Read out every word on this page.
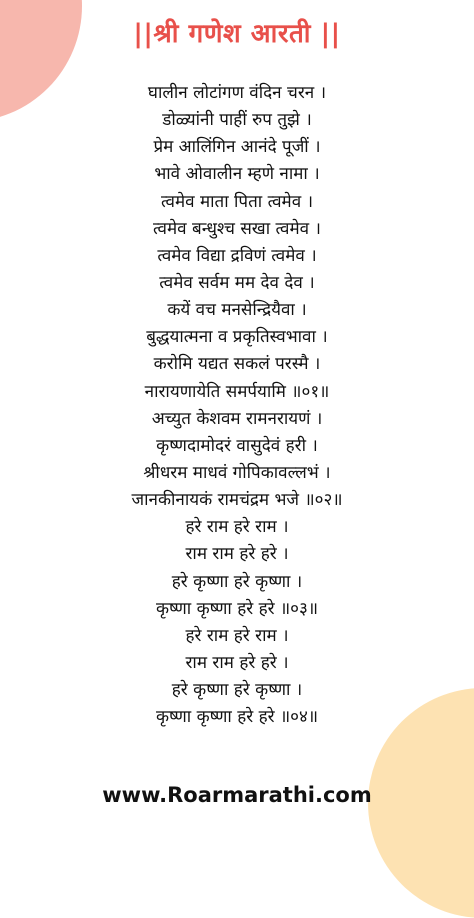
||श्री गणेश आरती ||
घालीन लोटांगण वंदिन चरन ।
डोळ्यांनी पाहीं रुप तुझे ।
प्रेम आलिंगिन आनंदे पूजीं ।
भावे ओवालीन म्हणे नामा ।
त्वमेव माता पिता त्वमेव ।
त्वमेव बन्धुश्च सखा त्वमेव ।
त्वमेव विद्या द्रविणं त्वमेव ।
त्वमेव सर्वम मम देव देव ।
कयें वच मनसेन्द्रियैवा ।
बुद्धयात्मना व प्रकृतिस्वभावा ।
करोमि यद्यत सकलं परस्मै ।
नारायणायेति समर्पयामि ॥०१॥
अच्युत केशवम रामनरायणं ।
कृष्णदामोदरं वासुदेवं हरी ।
श्रीधरम माधवं गोपिकावल्लभं ।
जानकीनायकं रामचंद्रम भजे ॥०२॥
हरे राम हरे राम ।
राम राम हरे हरे ।
हरे कृष्णा हरे कृष्णा ।
कृष्णा कृष्णा हरे हरे ॥०३॥
हरे राम हरे राम ।
राम राम हरे हरे ।
हरे कृष्णा हरे कृष्णा ।
कृष्णा कृष्णा हरे हरे ॥०४॥
www.Roarmarathi.com
